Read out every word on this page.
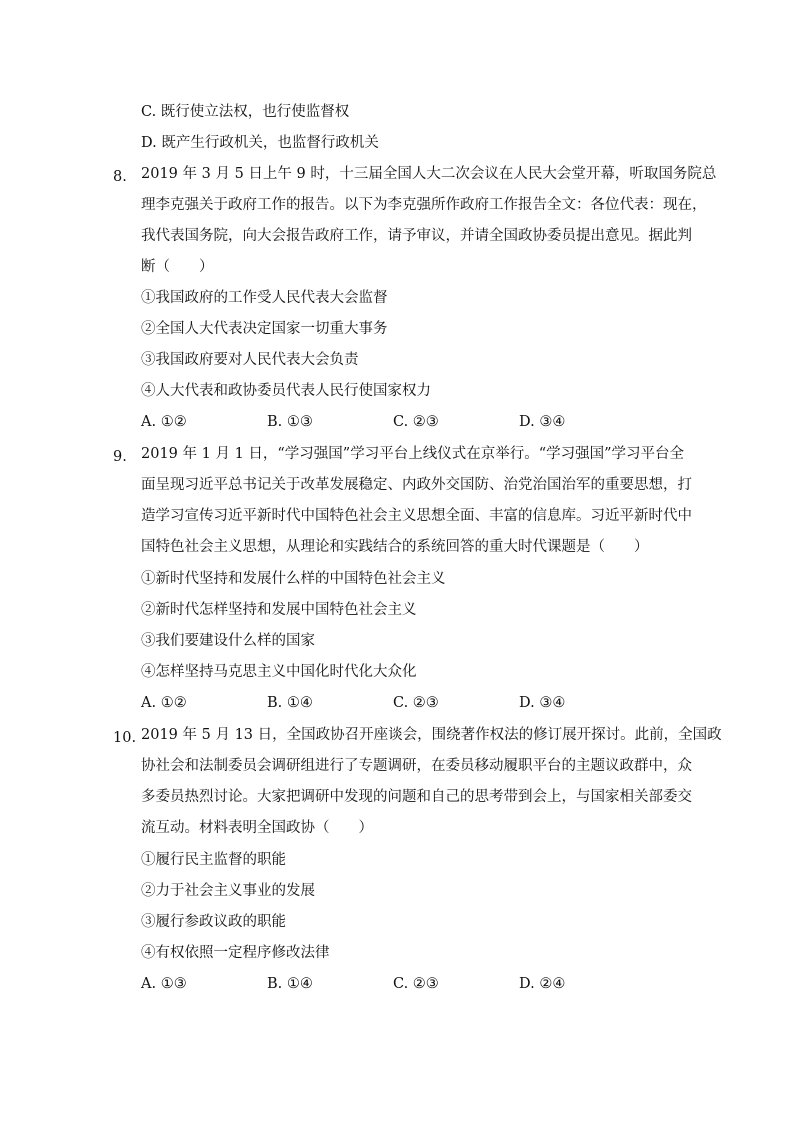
C. 既行使立法权，也行使监督权
D. 既产生行政机关，也监督行政机关
8. 2019 年 3 月 5 日上午 9 时，十三届全国人大二次会议在人民大会堂开幕，听取国务院总
理李克强关于政府工作的报告。以下为李克强所作政府工作报告全文：各位代表：现在，
我代表国务院，向大会报告政府工作，请予审议，并请全国政协委员提出意见。据此判
断（　　）
①我国政府的工作受人民代表大会监督
②全国人大代表决定国家一切重大事务
③我国政府要对人民代表大会负责
④人大代表和政协委员代表人民行使国家权力
A. ①②	B. ①③	C. ②③	D. ③④
9. 2019 年 1 月 1 日，“学习强国”学习平台上线仪式在京举行。“学习强国”学习平台全
面呈现习近平总书记关于改革发展稳定、内政外交国防、治党治国治军的重要思想，打
造学习宣传习近平新时代中国特色社会主义思想全面、丰富的信息库。习近平新时代中
国特色社会主义思想，从理论和实践结合的系统回答的重大时代课题是（　　）
①新时代坚持和发展什么样的中国特色社会主义
②新时代怎样坚持和发展中国特色社会主义
③我们要建设什么样的国家
④怎样坚持马克思主义中国化时代化大众化
A. ①②	B. ①④	C. ②③	D. ③④
10. 2019 年 5 月 13 日，全国政协召开座谈会，围绕著作权法的修订展开探讨。此前，全国政
协社会和法制委员会调研组进行了专题调研，在委员移动履职平台的主题议政群中，众
多委员热烈讨论。大家把调研中发现的问题和自己的思考带到会上，与国家相关部委交
流互动。材料表明全国政协（　　）
①履行民主监督的职能
②力于社会主义事业的发展
③履行参政议政的职能
④有权依照一定程序修改法律
A. ①③	B. ①④	C. ②③	D. ②④
